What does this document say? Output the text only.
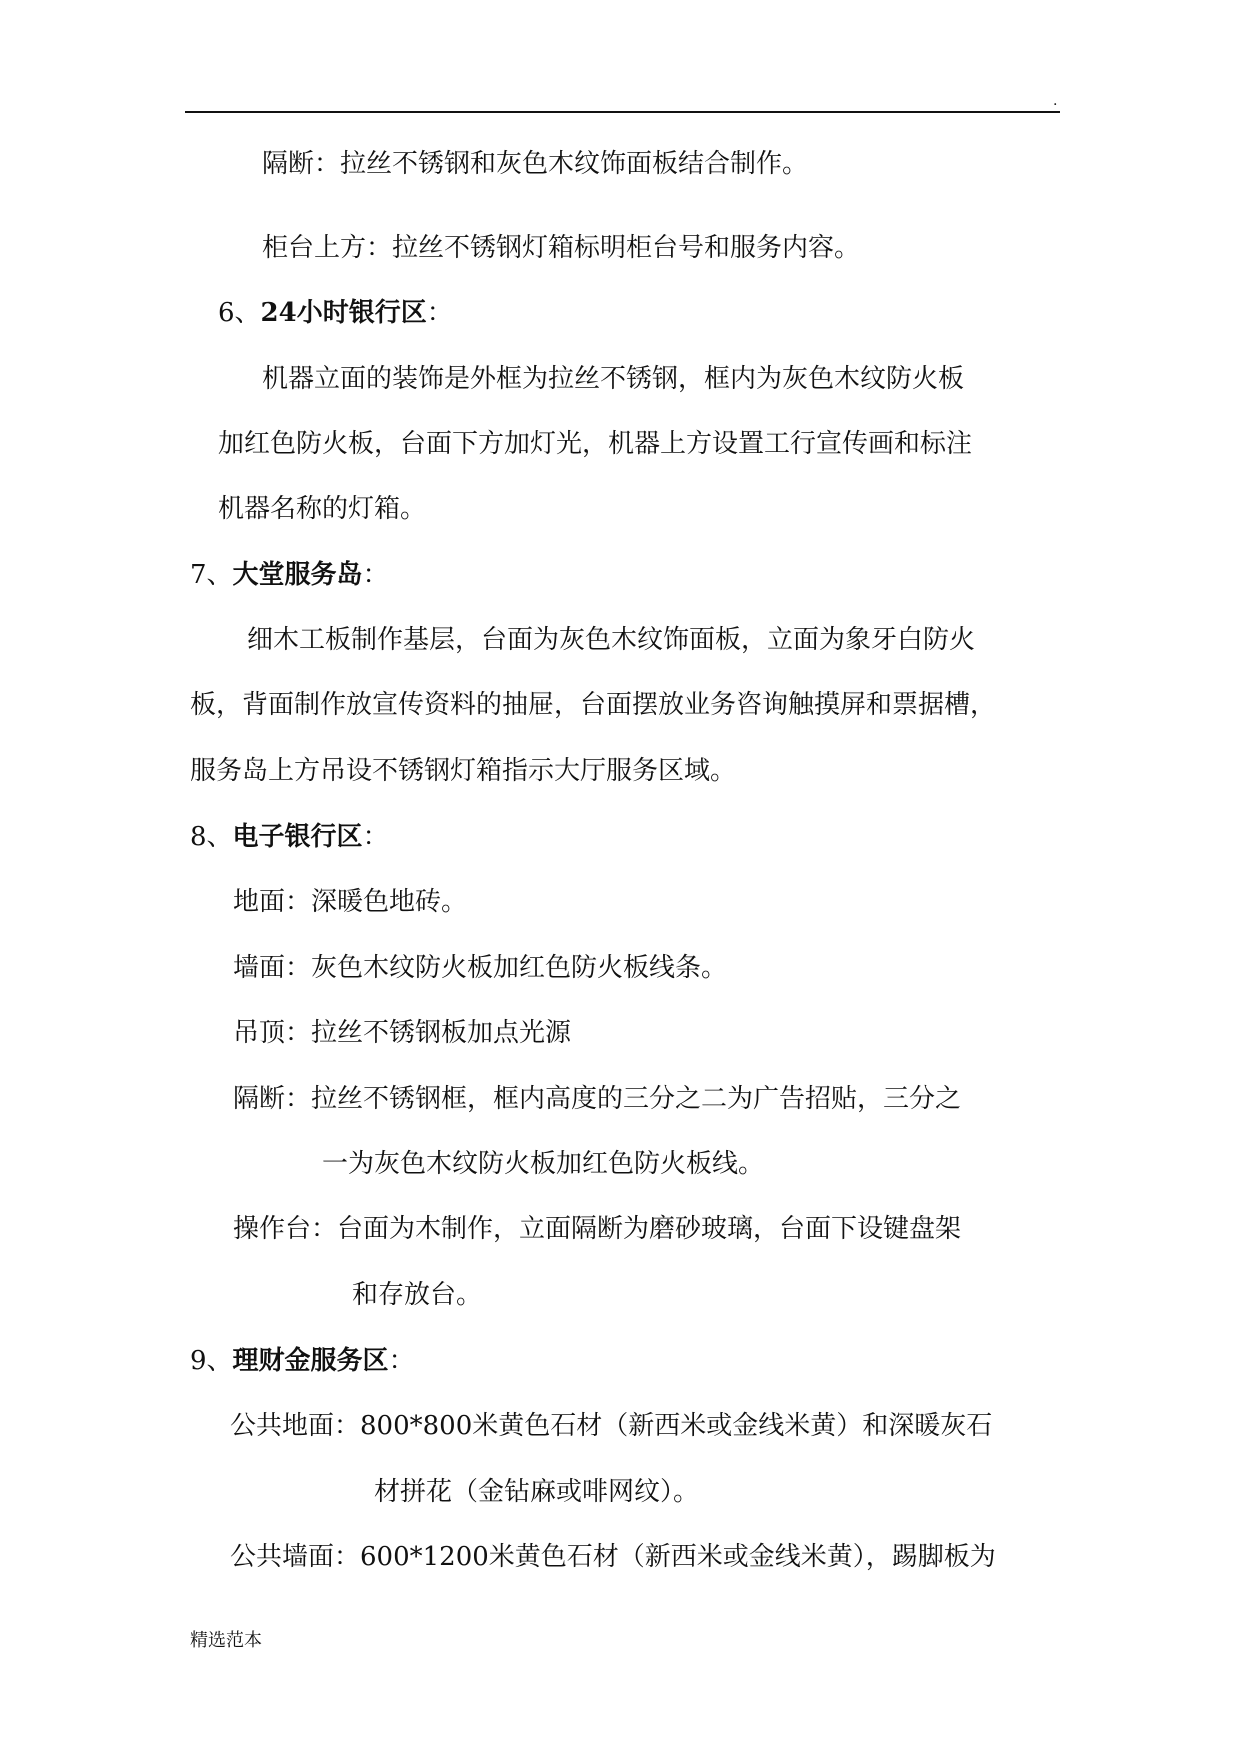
.
隔断：拉丝不锈钢和灰色木纹饰面板结合制作。
柜台上方：拉丝不锈钢灯箱标明柜台号和服务内容。
6、24小时银行区：
机器立面的装饰是外框为拉丝不锈钢，框内为灰色木纹防火板
加红色防火板，台面下方加灯光，机器上方设置工行宣传画和标注
机器名称的灯箱。
7、大堂服务岛：
细木工板制作基层，台面为灰色木纹饰面板，立面为象牙白防火
板，背面制作放宣传资料的抽屉，台面摆放业务咨询触摸屏和票据槽，
服务岛上方吊设不锈钢灯箱指示大厅服务区域。
8、电子银行区：
地面：深暖色地砖。
墙面：灰色木纹防火板加红色防火板线条。
吊顶：拉丝不锈钢板加点光源
隔断：拉丝不锈钢框，框内高度的三分之二为广告招贴，三分之
一为灰色木纹防火板加红色防火板线。
操作台：台面为木制作，立面隔断为磨砂玻璃，台面下设键盘架
和存放台。
9、理财金服务区：
公共地面：800*800米黄色石材（新西米或金线米黄）和深暖灰石
材拼花（金钻麻或啡网纹）。
公共墙面：600*1200米黄色石材（新西米或金线米黄），踢脚板为
精选范本
